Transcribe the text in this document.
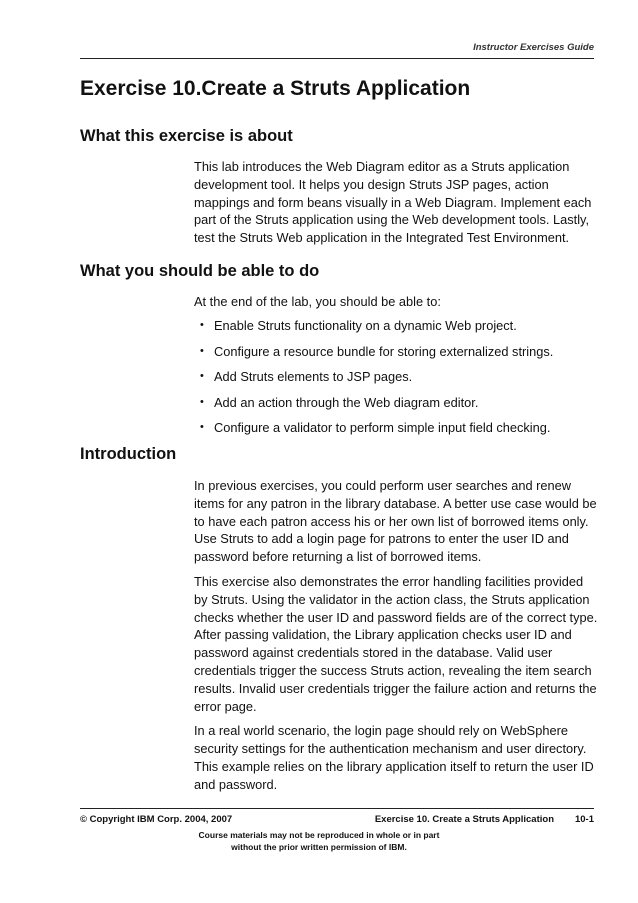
Instructor Exercises Guide
Exercise 10.Create a Struts Application
What this exercise is about

This lab introduces the Web Diagram editor as a Struts application development tool. It helps you design Struts JSP pages, action mappings and form beans visually in a Web Diagram. Implement each part of the Struts application using the Web development tools. Lastly, test the Struts Web application in the Integrated Test Environment.

What you should be able to do

At the end of the lab, you should be able to:

• Enable Struts functionality on a dynamic Web project.
• Configure a resource bundle for storing externalized strings.
• Add Struts elements to JSP pages.
• Add an action through the Web diagram editor.
• Configure a validator to perform simple input field checking.
Introduction

In previous exercises, you could perform user searches and renew items for any patron in the library database. A better use case would be to have each patron access his or her own list of borrowed items only. Use Struts to add a login page for patrons to enter the user ID and password before returning a list of borrowed items.

This exercise also demonstrates the error handling facilities provided by Struts. Using the validator in the action class, the Struts application checks whether the user ID and password fields are of the correct type. After passing validation, the Library application checks user ID and password against credentials stored in the database. Valid user credentials trigger the success Struts action, revealing the item search results. Invalid user credentials trigger the failure action and returns the error page.

In a real world scenario, the login page should rely on WebSphere security settings for the authentication mechanism and user directory. This example relies on the library application itself to return the user ID and password.

© Copyright IBM Corp. 2004, 2007	Exercise 10. Create a Struts Application 10-1
Course materials may not be reproduced in whole or in part
without the prior written permission of IBM.
